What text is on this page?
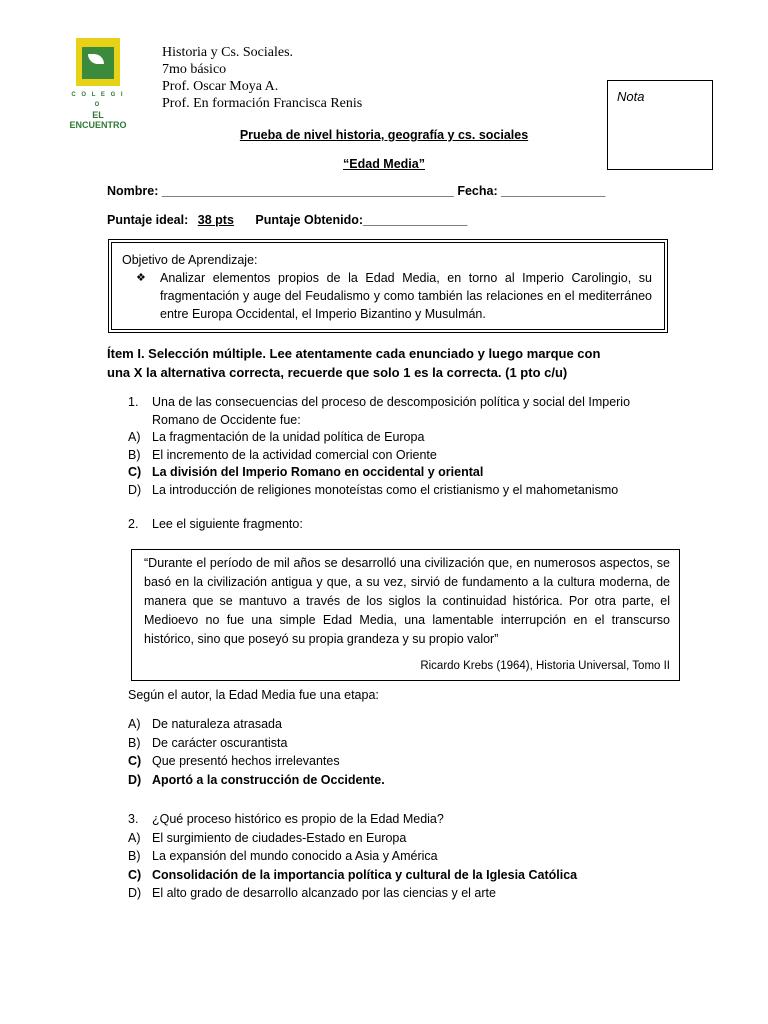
C O L E G I O
EL ENCUENTRO
Historia y Cs. Sociales.
7mo básico
Prof. Oscar Moya A.
Prof. En formación Francisca Renis	Nota
Prueba de nivel historia, geografía y cs. sociales
“Edad Media”
Nombre: __________________________________________ Fecha: _______________
Puntaje ideal: 38 pts Puntaje Obtenido:_______________
Objetivo de Aprendizaje:
❖	Analizar elementos propios de la Edad Media, en torno al Imperio Carolingio, su fragmentación y auge del Feudalismo y como también las relaciones en el mediterráneo entre Europa Occidental, el Imperio Bizantino y Musulmán.
Ítem I. Selección múltiple. Lee atentamente cada enunciado y luego marque con una X la alternativa correcta, recuerde que solo 1 es la correcta. (1 pto c/u)
1.	Una de las consecuencias del proceso de descomposición política y social del Imperio
Romano de Occidente fue:
A) La fragmentación de la unidad política de Europa
B) El incremento de la actividad comercial con Oriente
C) La división del Imperio Romano en occidental y oriental
D) La introducción de religiones monoteístas como el cristianismo y el mahometanismo
2.	Lee el siguiente fragmento:
“Durante el período de mil años se desarrolló una civilización que, en numerosos aspectos, se basó en la civilización antigua y que, a su vez, sirvió de fundamento a la cultura moderna, de manera que se mantuvo a través de los siglos la continuidad histórica. Por otra parte, el Medioevo no fue una simple Edad Media, una lamentable interrupción en el transcurso histórico, sino que poseyó su propia grandeza y su propio valor”
Ricardo Krebs (1964), Historia Universal, Tomo II
Según el autor, la Edad Media fue una etapa:
A) De naturaleza atrasada
B) De carácter oscurantista
C) Que presentó hechos irrelevantes
D) Aportó a la construcción de Occidente.
3.	¿Qué proceso histórico es propio de la Edad Media?
A) El surgimiento de ciudades-Estado en Europa
B) La expansión del mundo conocido a Asia y América
C) Consolidación de la importancia política y cultural de la Iglesia Católica
D) El alto grado de desarrollo alcanzado por las ciencias y el arte
